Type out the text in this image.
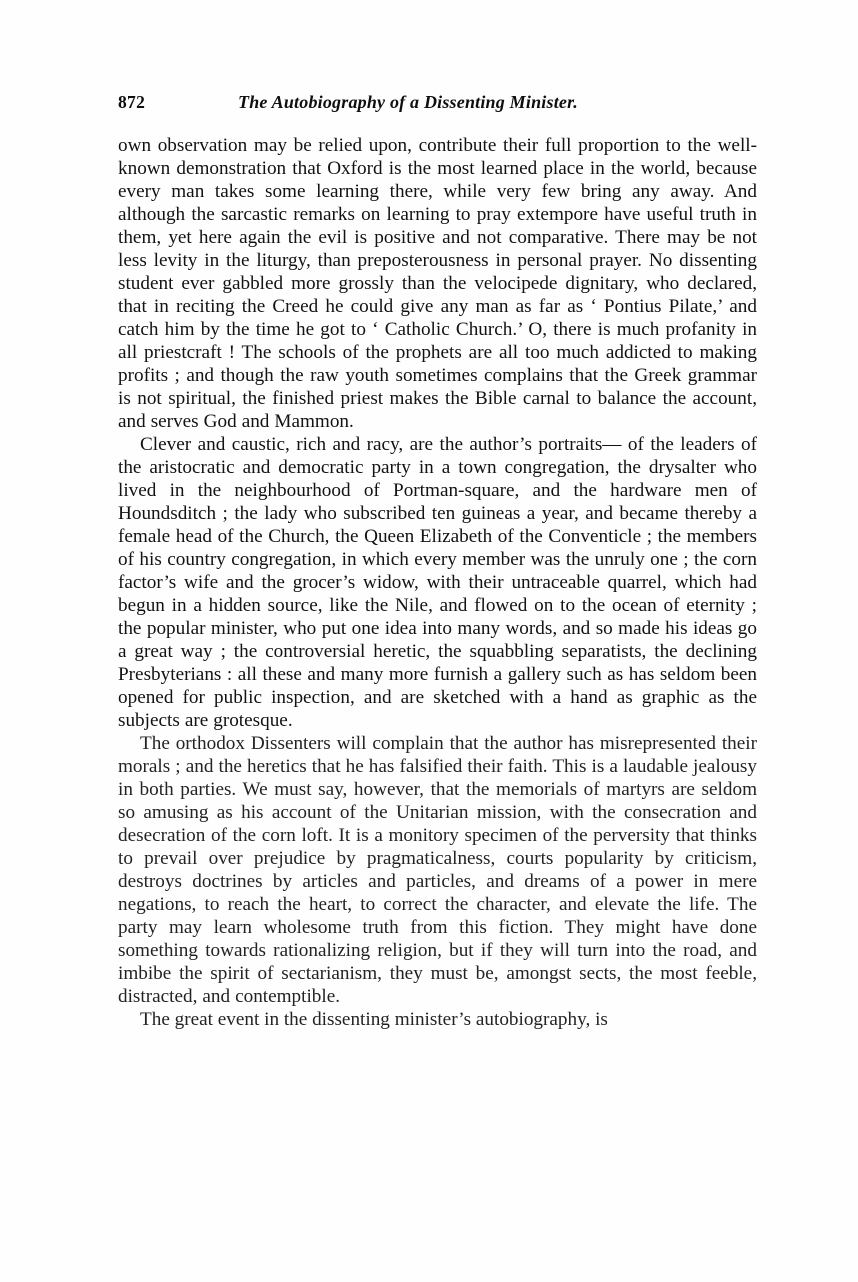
872	The Autobiography of a Dissenting Minister.

own observation may be relied upon, contribute their full proportion to the well-known demonstration that Oxford is the most learned place in the world, because every man takes some learning there, while very few bring any away. And although the sarcastic remarks on learning to pray extempore have useful truth in them, yet here again the evil is positive and not comparative. There may be not less levity in the liturgy, than preposterousness in personal prayer. No dissenting student ever gabbled more grossly than the velocipede dignitary, who declared, that in reciting the Creed he could give any man as far as ‘ Pontius Pilate,’ and catch him by the time he got to ‘ Catholic Church.’ O, there is much profanity in all priestcraft ! The schools of the prophets are all too much addicted to making profits ; and though the raw youth sometimes complains that the Greek grammar is not spiritual, the finished priest makes the Bible carnal to balance the account, and serves God and Mammon.

Clever and caustic, rich and racy, are the author’s portraits— of the leaders of the aristocratic and democratic party in a town congregation, the drysalter who lived in the neighbourhood of Portman-square, and the hardware men of Houndsditch ; the lady who subscribed ten guineas a year, and became thereby a female head of the Church, the Queen Elizabeth of the Conventicle ; the members of his country congregation, in which every member was the unruly one ; the corn factor’s wife and the grocer’s widow, with their untraceable quarrel, which had begun in a hidden source, like the Nile, and flowed on to the ocean of eternity ; the popular minister, who put one idea into many words, and so made his ideas go a great way ; the controversial heretic, the squabbling separatists, the declining Presbyterians : all these and many more furnish a gallery such as has seldom been opened for public inspection, and are sketched with a hand as graphic as the subjects are grotesque.

The orthodox Dissenters will complain that the author has misrepresented their morals ; and the heretics that he has falsified their faith. This is a laudable jealousy in both parties. We must say, however, that the memorials of martyrs are seldom so amusing as his account of the Unitarian mission, with the consecration and desecration of the corn loft. It is a monitory specimen of the perversity that thinks to prevail over prejudice by pragmaticalness, courts popularity by criticism, destroys doctrines by articles and particles, and dreams of a power in mere negations, to reach the heart, to correct the character, and elevate the life. The party may learn wholesome truth from this fiction. They might have done something towards rationalizing religion, but if they will turn into the road, and imbibe the spirit of sectarianism, they must be, amongst sects, the most feeble, distracted, and contemptible.

The great event in the dissenting minister’s autobiography, is
